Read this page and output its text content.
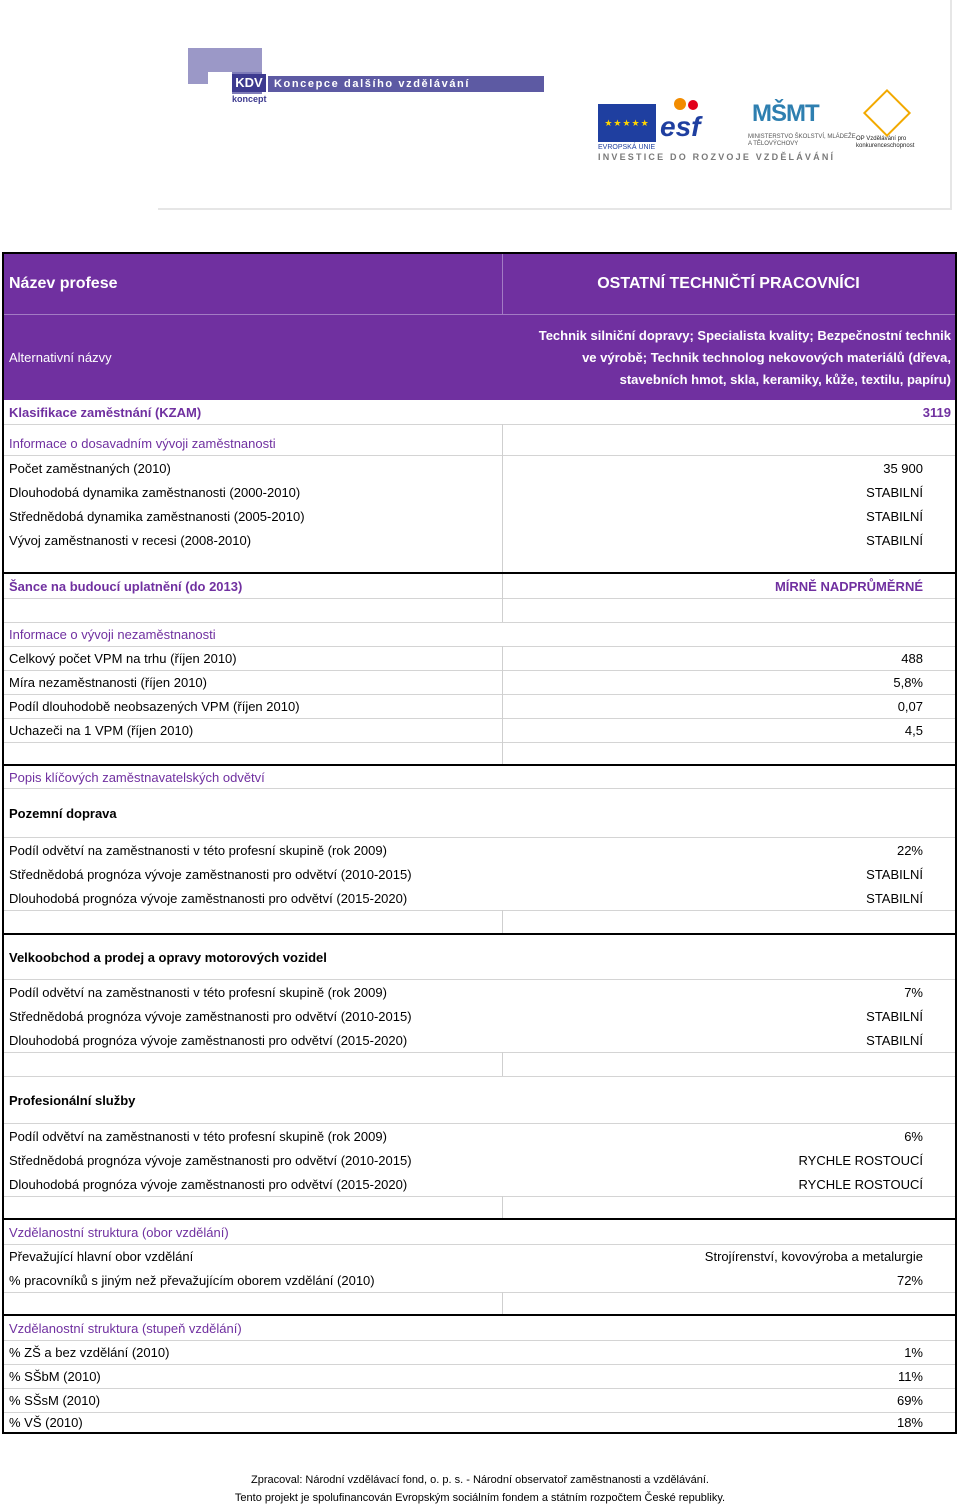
KDV
koncept
Koncepce dalšího vzdělávání
★★★★★
EVROPSKÁ UNIE
esf MŠMT
MINISTERSTVO ŠKOLSTVÍ, MLÁDEŽE A TĚLOVÝCHOVY
OP Vzdělávání pro konkurenceschopnost
INVESTICE DO ROZVOJE VZDĚLÁVÁNÍ
Název profese	OSTATNÍ TECHNIČTÍ PRACOVNÍCI
Alternativní názvy
Technik silniční dopravy; Specialista kvality; Bezpečnostní technik
ve výrobě; Technik technolog nekovových materiálů (dřeva,
stavebních hmot, skla, keramiky, kůže, textilu, papíru)
Klasifikace zaměstnání (KZAM)	3119
Informace o dosavadním vývoji zaměstnanosti
Počet zaměstnaných (2010)	35 900
Dlouhodobá dynamika zaměstnanosti (2000-2010)	STABILNÍ
Střednědobá dynamika zaměstnanosti (2005-2010)	STABILNÍ
Vývoj zaměstnanosti v recesi (2008-2010)	STABILNÍ
Šance na budoucí uplatnění (do 2013)	MÍRNĚ NADPRŮMĚRNÉ
Informace o vývoji nezaměstnanosti
Celkový počet VPM na trhu (říjen 2010)	488
Míra nezaměstnanosti (říjen 2010)	5,8%
Podíl dlouhodobě neobsazených VPM (říjen 2010)	0,07
Uchazeči na 1 VPM (říjen 2010)	4,5
Popis klíčových zaměstnavatelských odvětví
Pozemní doprava
Podíl odvětví na zaměstnanosti v této profesní skupině (rok 2009)	22%
Střednědobá prognóza vývoje zaměstnanosti pro odvětví (2010-2015)	STABILNÍ
Dlouhodobá prognóza vývoje zaměstnanosti pro odvětví (2015-2020)	STABILNÍ
Velkoobchod a prodej a opravy motorových vozidel
Podíl odvětví na zaměstnanosti v této profesní skupině (rok 2009)	7%
Střednědobá prognóza vývoje zaměstnanosti pro odvětví (2010-2015)	STABILNÍ
Dlouhodobá prognóza vývoje zaměstnanosti pro odvětví (2015-2020)	STABILNÍ
Profesionální služby
Podíl odvětví na zaměstnanosti v této profesní skupině (rok 2009)	6%
Střednědobá prognóza vývoje zaměstnanosti pro odvětví (2010-2015)	RYCHLE ROSTOUCÍ
Dlouhodobá prognóza vývoje zaměstnanosti pro odvětví (2015-2020)	RYCHLE ROSTOUCÍ
Vzdělanostní struktura (obor vzdělání)
Převažující hlavní obor vzdělání	Strojírenství, kovovýroba a metalurgie
% pracovníků s jiným než převažujícím oborem vzdělání (2010)	72%
Vzdělanostní struktura (stupeň vzdělání)
% ZŠ a bez vzdělání (2010)	1%
% SŠbM (2010)	11%
% SŠsM (2010)	69%
% VŠ (2010)	18%
Zpracoval: Národní vzdělávací fond, o. p. s. - Národní observatoř zaměstnanosti a vzdělávání.
Tento projekt je spolufinancován Evropským sociálním fondem a státním rozpočtem České republiky.
